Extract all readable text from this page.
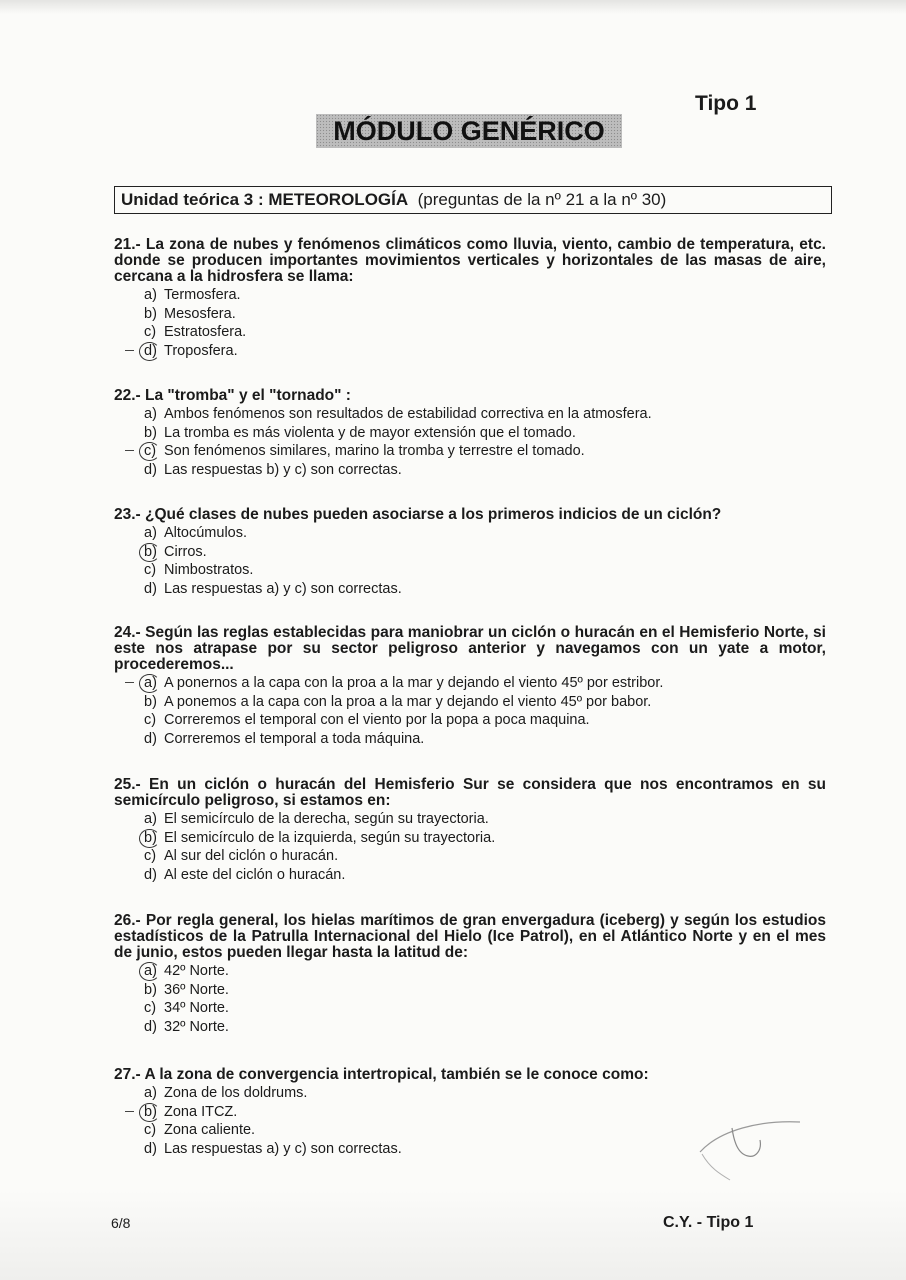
Tipo 1
MÓDULO GENÉRICO
Unidad teórica 3 : METEOROLOGÍA (preguntas de la nº 21 a la nº 30)
21.- La zona de nubes y fenómenos climáticos como lluvia, viento, cambio de temperatura, etc. donde se producen importantes movimientos verticales y horizontales de las masas de aire, cercana a la hidrosfera se llama:
a) Termosfera.
b) Mesosfera.
c) Estratosfera.
d) Troposfera.
22.- La "tromba" y el "tornado" :
a) Ambos fenómenos son resultados de estabilidad correctiva en la atmosfera.
b) La tromba es más violenta y de mayor extensión que el tomado.
c) Son fenómenos similares, marino la tromba y terrestre el tomado.
d) Las respuestas b) y c) son correctas.
23.- ¿Qué clases de nubes pueden asociarse a los primeros indicios de un ciclón?
a) Altocúmulos.
b) Cirros.
c) Nimbostratos.
d) Las respuestas a) y c) son correctas.
24.- Según las reglas establecidas para maniobrar un ciclón o huracán en el Hemisferio Norte, si este nos atrapase por su sector peligroso anterior y navegamos con un yate a motor, procederemos...
a) A ponernos a la capa con la proa a la mar y dejando el viento 45º por estribor.
b) A ponemos a la capa con la proa a la mar y dejando el viento 45º por babor.
c) Correremos el temporal con el viento por la popa a poca maquina.
d) Correremos el temporal a toda máquina.
25.- En un ciclón o huracán del Hemisferio Sur se considera que nos encontramos en su semicírculo peligroso, si estamos en:
a) El semicírculo de la derecha, según su trayectoria.
b) El semicírculo de la izquierda, según su trayectoria.
c) Al sur del ciclón o huracán.
d) Al este del ciclón o huracán.
26.- Por regla general, los hielas marítimos de gran envergadura (iceberg) y según los estudios estadísticos de la Patrulla Internacional del Hielo (Ice Patrol), en el Atlántico Norte y en el mes de junio, estos pueden llegar hasta la latitud de:
a) 42º Norte.
b) 36º Norte.
c) 34º Norte.
d) 32º Norte.
27.- A la zona de convergencia intertropical, también se le conoce como:
a) Zona de los doldrums.
b) Zona ITCZ.
c) Zona caliente.
d) Las respuestas a) y c) son correctas.
6/8	C.Y. - Tipo 1
